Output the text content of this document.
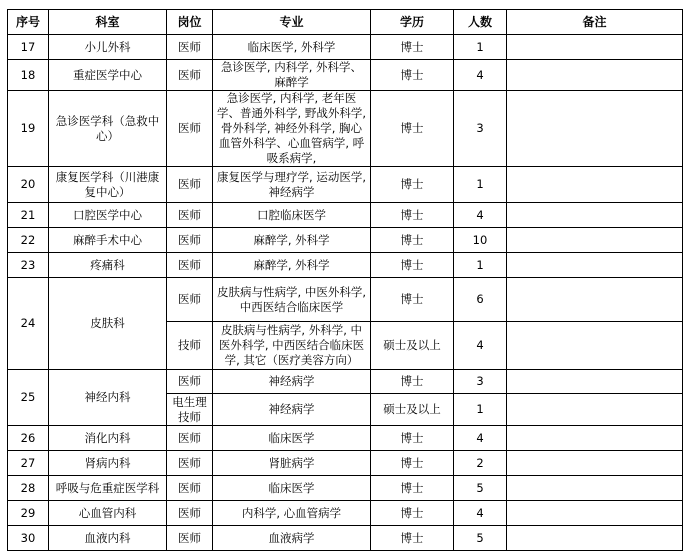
序号	科室	岗位	专业	学历	人数	备注
17	小儿外科	医师	临床医学, 外科学	博士	1	
18	重症医学中心	医师	急诊医学, 内科学, 外科学、麻醉学	博士	4	
19	急诊医学科（急救中心）	医师	急诊医学, 内科学, 老年医学、普通外科学, 野战外科学, 骨外科学, 神经外科学, 胸心血管外科学、心血管病学, 呼吸系病学,	博士	3	
20	康复医学科（川港康复中心）	医师	康复医学与理疗学, 运动医学, 神经病学	博士	1	
21	口腔医学中心	医师	口腔临床医学	博士	4	
22	麻醉手术中心	医师	麻醉学, 外科学	博士	10	
23	疼痛科	医师	麻醉学, 外科学	博士	1	
24	皮肤科	医师	皮肤病与性病学, 中医外科学, 中西医结合临床医学	博士	6	
		技师	皮肤病与性病学, 外科学, 中医外科学, 中西医结合临床医学, 其它（医疗美容方向）	硕士及以上	4	
25	神经内科	医师	神经病学	博士	3	
		电生理技师	神经病学	硕士及以上	1	
26	消化内科	医师	临床医学	博士	4	
27	肾病内科	医师	肾脏病学	博士	2	
28	呼吸与危重症医学科	医师	临床医学	博士	5	
29	心血管内科	医师	内科学, 心血管病学	博士	4	
30	血液内科	医师	血液病学	博士	5	
